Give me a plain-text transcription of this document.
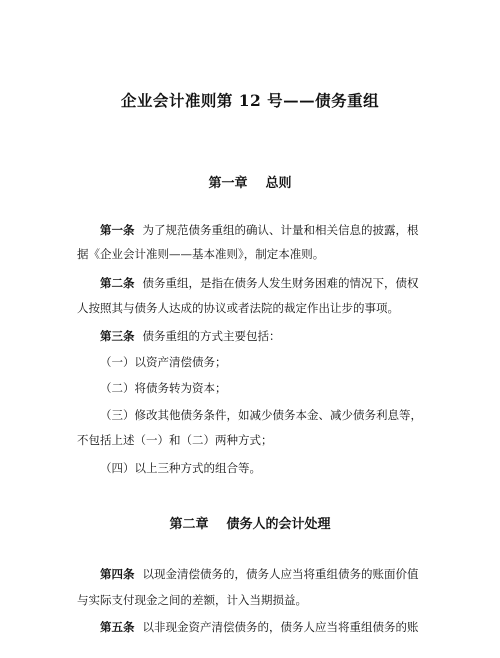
企业会计准则第 12 号——债务重组
第一章 总则
第一条 为了规范债务重组的确认、计量和相关信息的披露，根
据《企业会计准则——基本准则》，制定本准则。
第二条 债务重组，是指在债务人发生财务困难的情况下，债权
人按照其与债务人达成的协议或者法院的裁定作出让步的事项。
第三条 债务重组的方式主要包括：
（一）以资产清偿债务；
（二）将债务转为资本；
（三）修改其他债务条件，如减少债务本金、减少债务利息等，
不包括上述（一）和（二）两种方式；
（四）以上三种方式的组合等。
第二章 债务人的会计处理
第四条 以现金清偿债务的，债务人应当将重组债务的账面价值
与实际支付现金之间的差额，计入当期损益。
第五条 以非现金资产清偿债务的，债务人应当将重组债务的账
